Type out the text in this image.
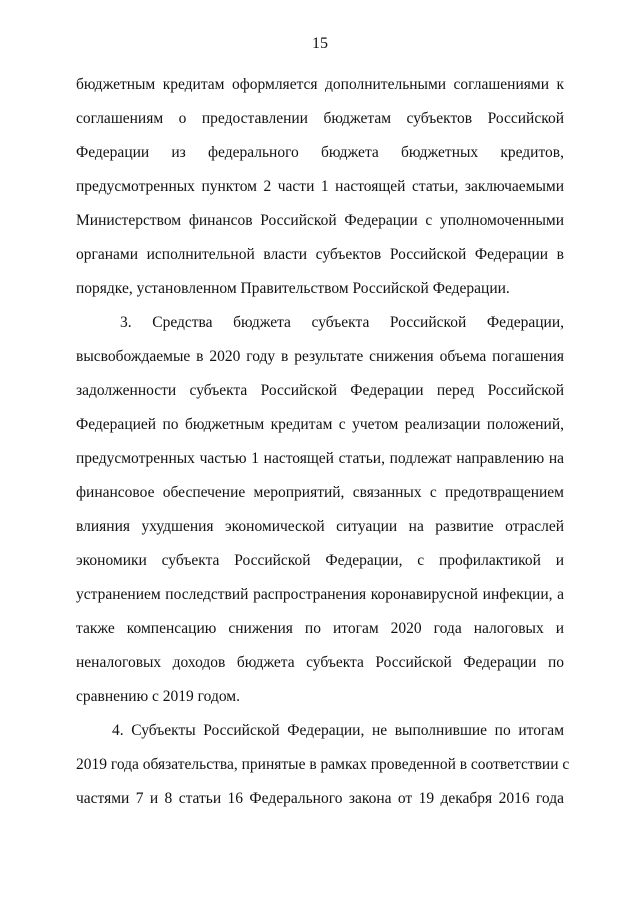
15
бюджетным кредитам оформляется дополнительными соглашениями к
соглашениям о предоставлении бюджетам субъектов Российской
Федерации из федерального бюджета бюджетных кредитов,
предусмотренных пунктом 2 части 1 настоящей статьи, заключаемыми
Министерством финансов Российской Федерации с уполномоченными
органами исполнительной власти субъектов Российской Федерации в
порядке, установленном Правительством Российской Федерации.
3. Средства бюджета субъекта Российской Федерации,
высвобождаемые в 2020 году в результате снижения объема погашения
задолженности субъекта Российской Федерации перед Российской
Федерацией по бюджетным кредитам с учетом реализации положений,
предусмотренных частью 1 настоящей статьи, подлежат направлению на
финансовое обеспечение мероприятий, связанных с предотвращением
влияния ухудшения экономической ситуации на развитие отраслей
экономики субъекта Российской Федерации, с профилактикой и
устранением последствий распространения коронавирусной инфекции, а
также компенсацию снижения по итогам 2020 года налоговых и
неналоговых доходов бюджета субъекта Российской Федерации по
сравнению с 2019 годом.
4. Субъекты Российской Федерации, не выполнившие по итогам
2019 года обязательства, принятые в рамках проведенной в соответствии с
частями 7 и 8 статьи 16 Федерального закона от 19 декабря 2016 года
